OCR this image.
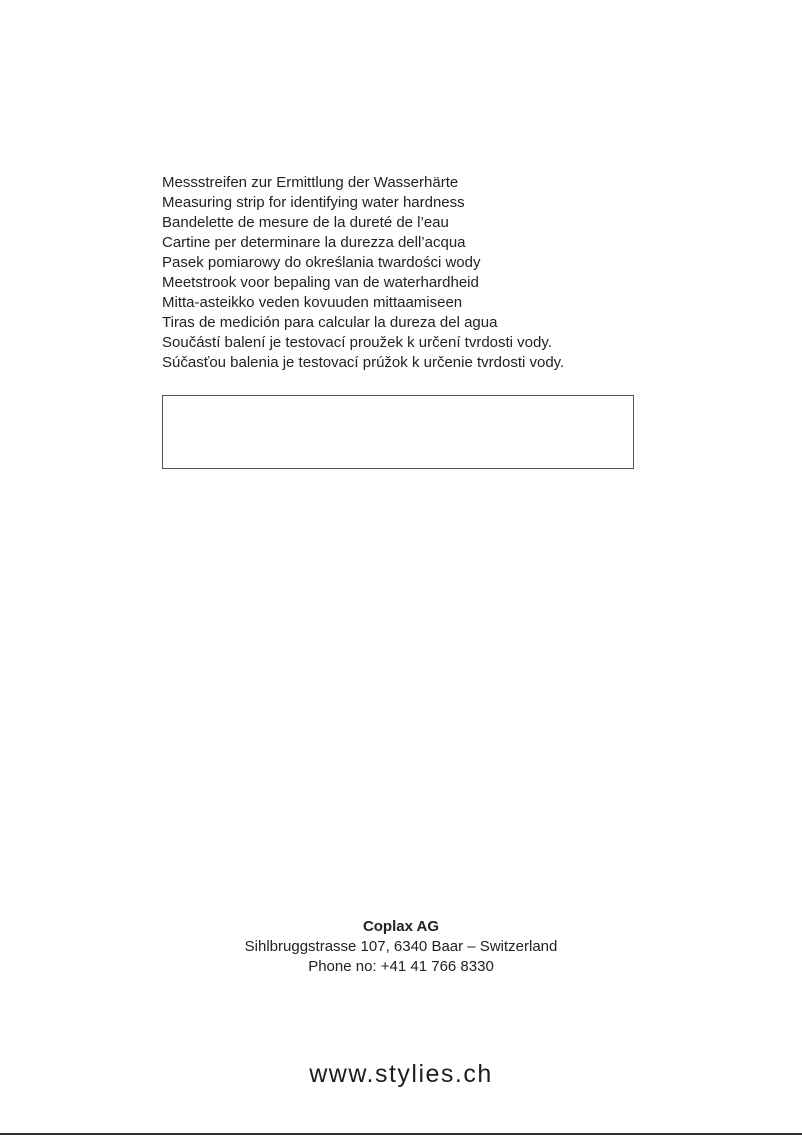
Messstreifen zur Ermittlung der Wasserhärte
Measuring strip for identifying water hardness
Bandelette de mesure de la dureté de l’eau
Cartine per determinare la durezza dell’acqua
Pasek pomiarowy do określania twardości wody
Meetstrook voor bepaling van de waterhardheid
Mitta-asteikko veden kovuuden mittaamiseen
Tiras de medición para calcular la dureza del agua
Součástí balení je testovací proužek k určení tvrdosti vody.
Súčasťou balenia je testovací prúžok k určenie tvrdosti vody.
Coplax AG
Sihlbruggstrasse 107, 6340 Baar – Switzerland
Phone no: +41 41 766 8330
www.stylies.ch
